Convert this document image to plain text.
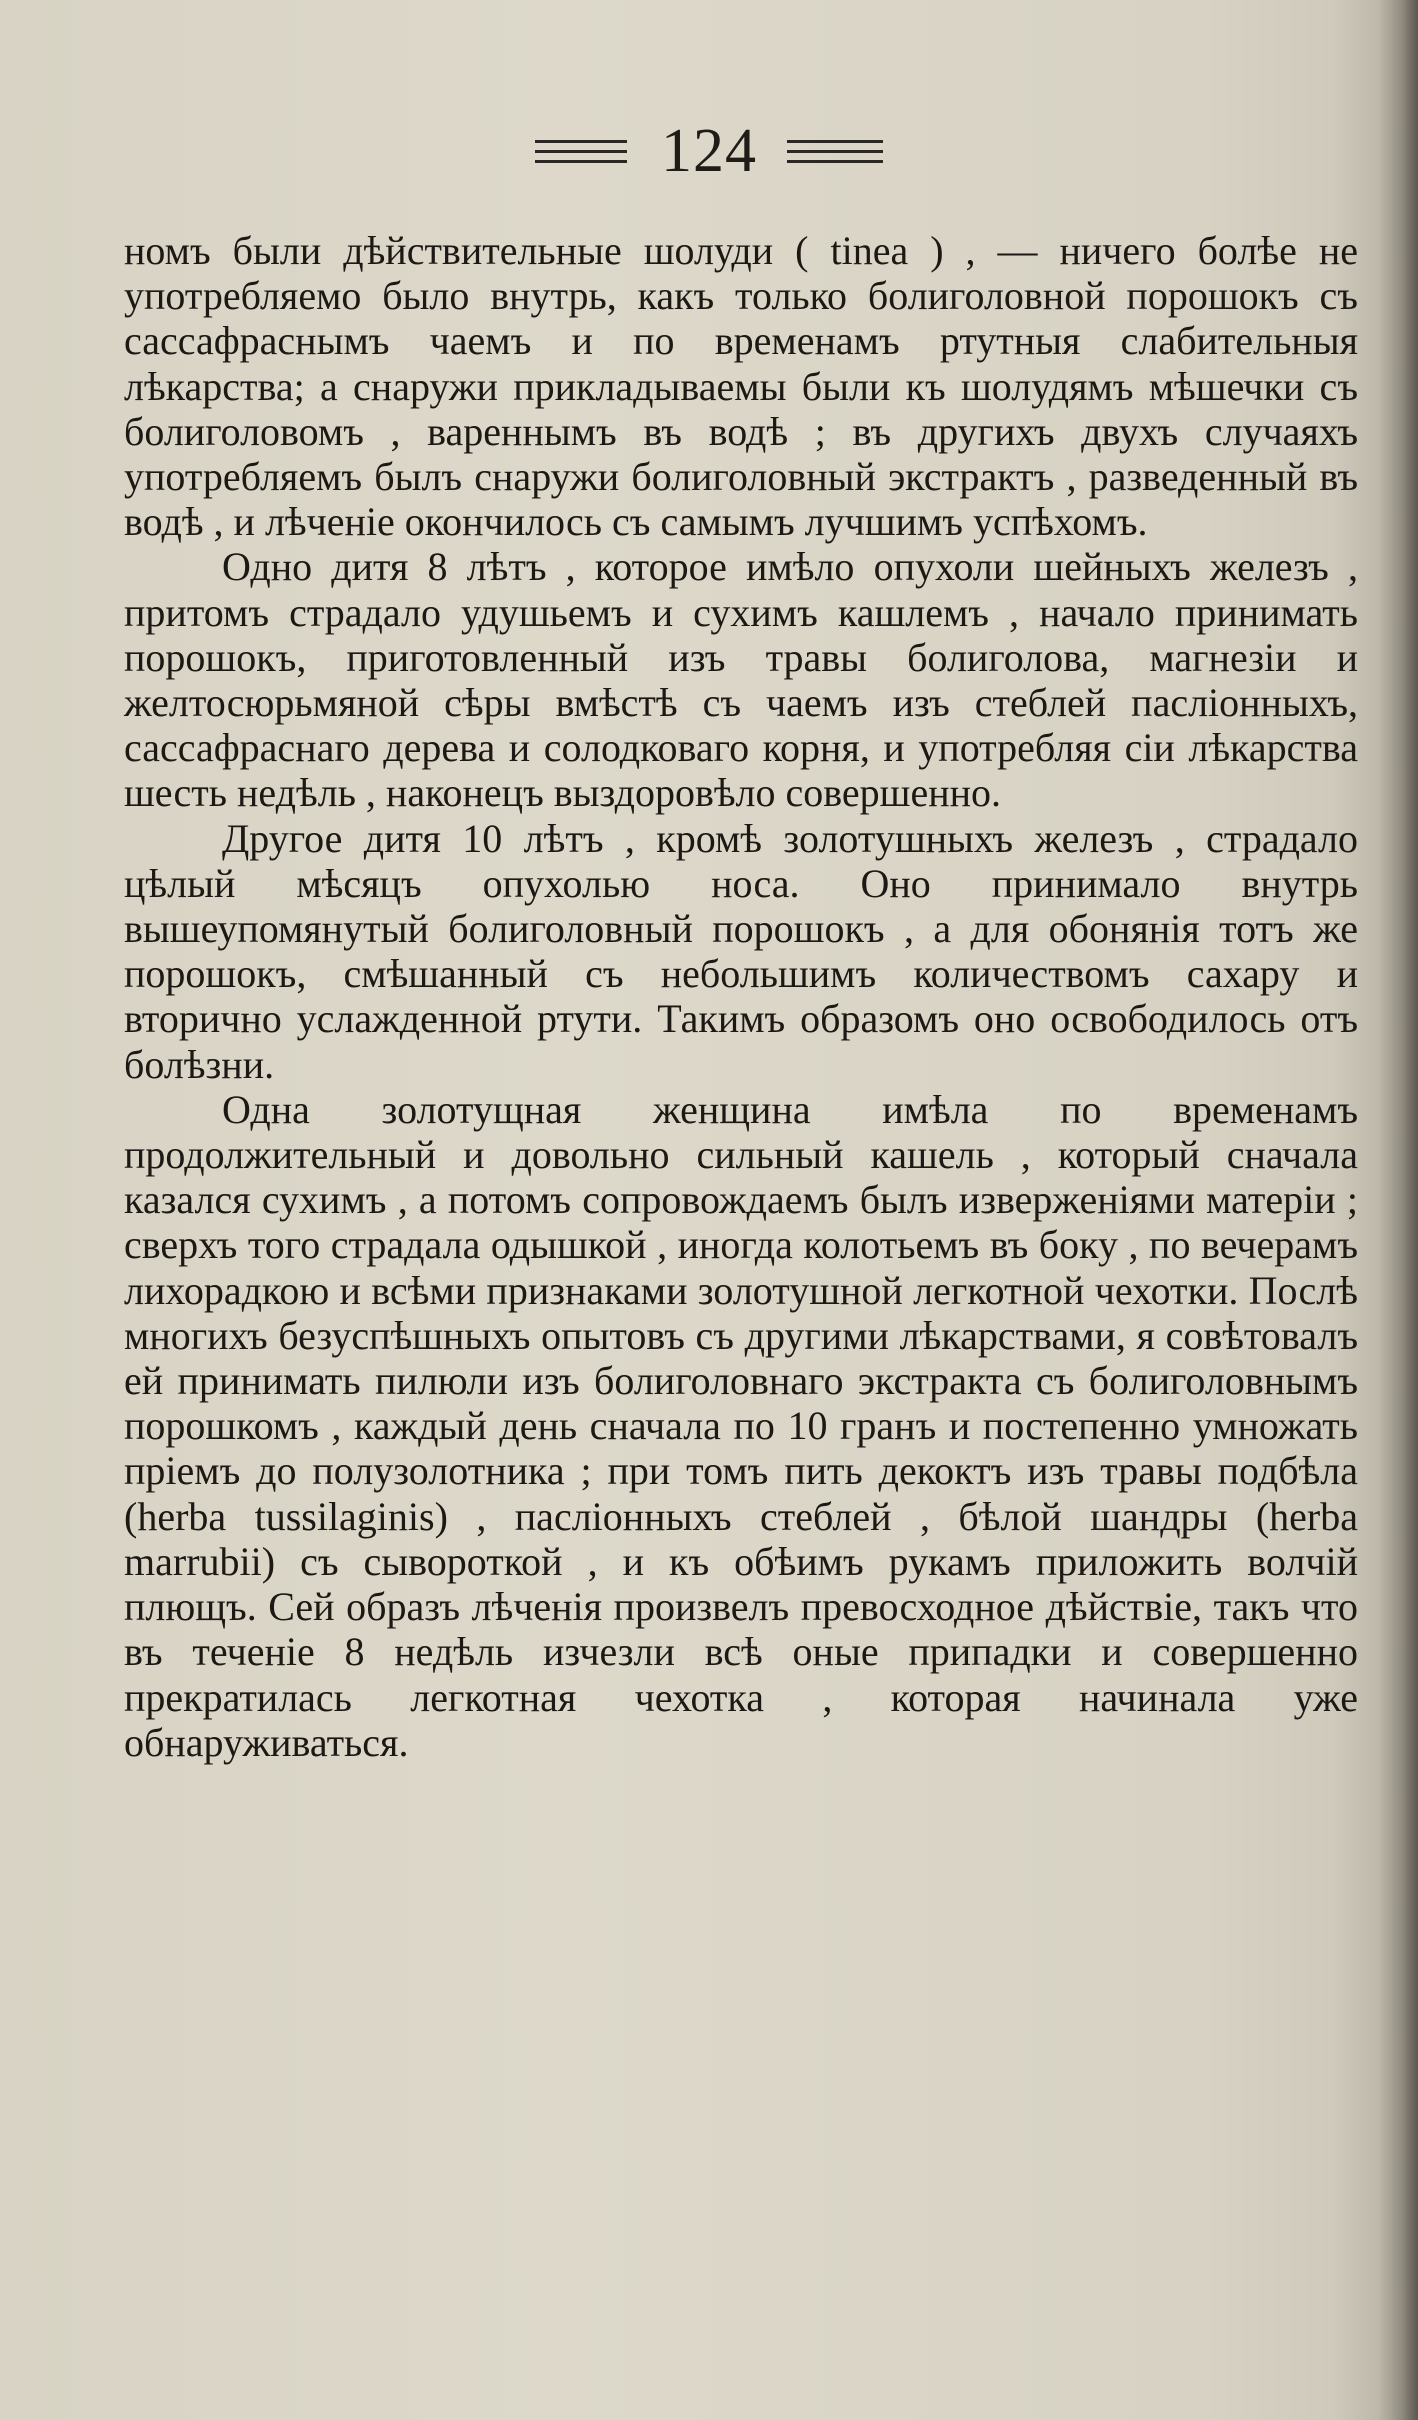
124

номъ были дѣйствительные шолуди ( tinea ) , — ничего болѣе не употребляемо было внутрь, какъ только болиголовной порошокъ съ сассафраснымъ чаемъ и по временамъ ртутныя слабительныя лѣкарства; а снаружи прикладываемы были къ шолудямъ мѣшечки съ болиголовомъ , вареннымъ въ водѣ ; въ другихъ двухъ случаяхъ употребляемъ былъ снаружи болиголовный экстрактъ , разведенный въ водѣ , и лѣченіе окончилось съ самымъ лучшимъ успѣхомъ.

Одно дитя 8 лѣтъ , которое имѣло опухоли шейныхъ железъ , притомъ страдало удушьемъ и сухимъ кашлемъ , начало принимать порошокъ, приготовленный изъ травы болиголова, магнезіи и желтосюрьмяной сѣры вмѣстѣ съ чаемъ изъ стеблей пасліонныхъ, сассафраснаго дерева и солодковаго корня, и употребляя сіи лѣкарства шесть недѣль , наконецъ выздоровѣло совершенно.

Другое дитя 10 лѣтъ , кромѣ золотушныхъ железъ , страдало цѣлый мѣсяцъ опухолью носа. Оно принимало внутрь вышеупомянутый болиголовный порошокъ , а для обонянія тотъ же порошокъ, смѣшанный съ небольшимъ количествомъ сахару и вторично услажденной ртути. Такимъ образомъ оно освободилось отъ болѣзни.

Одна золотущная женщина имѣла по временамъ продолжительный и довольно сильный кашель , который сначала казался сухимъ , а потомъ сопровождаемъ былъ изверженіями матеріи ; сверхъ того страдала одышкой , иногда колотьемъ въ боку , по вечерамъ лихорадкою и всѣми признаками золотушной легкотной чехотки. Послѣ многихъ безуспѣшныхъ опытовъ съ другими лѣкарствами, я совѣтовалъ ей принимать пилюли изъ болиголовнаго экстракта съ болиголовнымъ порошкомъ , каждый день сначала по 10 гранъ и постепенно умножать пріемъ до полузолотника ; при томъ пить декоктъ изъ травы подбѣла (herba tussilaginis) , пасліонныхъ стеблей , бѣлой шандры (herba marrubii) съ сывороткой , и къ обѣимъ рукамъ приложить волчій плющъ. Сей образъ лѣченія произвелъ превосходное дѣйствіе, такъ что въ теченіе 8 недѣль изчезли всѣ оные припадки и совершенно прекратилась легкотная чехотка , которая начинала уже обнаруживаться.
